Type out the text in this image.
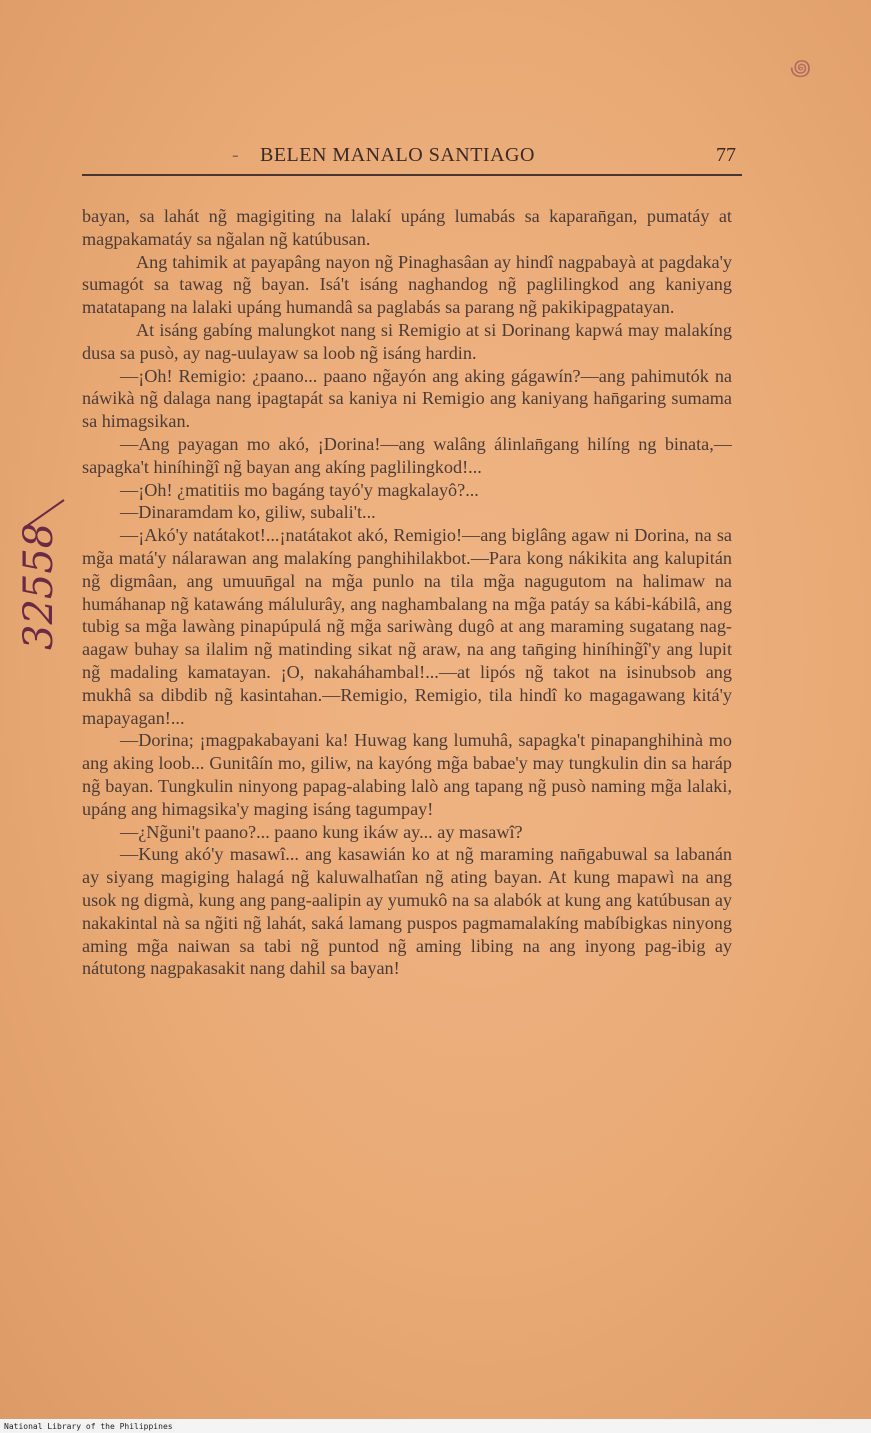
꩜
- BELEN MANALO SANTIAGO	77
32558

bayan, sa lahát ng̃ magigiting na lalakí upáng lumabás sa kaparan̄gan, pumatáy at magpakamatáy sa ng̃alan ng̃ katúbusan.

Ang tahimik at payapâng nayon ng̃ Pinaghasâan ay hindî nagpabayà at pagdaka'y sumagót sa tawag ng̃ bayan. Isá't isáng naghandog ng̃ paglilingkod ang kaniyang matatapang na lalaki upáng humandâ sa paglabás sa parang ng̃ pakikipagpatayan.

At isáng gabíng malungkot nang si Remigio at si Dorinang kapwá may malakíng dusa sa pusò, ay nag-uulayaw sa loob ng̃ isáng hardin.

—¡Oh! Remigio: ¿paano... paano ng̃ayón ang aking gágawín?—ang pahimutók na náwikà ng̃ dalaga nang ipagtapát sa kaniya ni Remigio ang kaniyang han̄garing sumama sa himagsikan.

—Ang payagan mo akó, ¡Dorina!—ang walâng álinlan̄gang hilíng ng binata,—sapagka't hiníhing̃î ng̃ bayan ang akíng paglilingkod!...

—¡Oh! ¿matitiis mo bagáng tayó'y magkalayô?...

—Dinaramdam ko, giliw, subali't...

—¡Akó'y natátakot!...¡natátakot akó, Remigio!—ang biglâng agaw ni Dorina, na sa mg̃a matá'y nálarawan ang malakíng panghihilakbot.—Para kong nákikita ang kalupitán ng̃ digmâan, ang umuun̄gal na mg̃a punlo na tila mg̃a nagugutom na halimaw na humáhanap ng̃ katawáng málulurây, ang naghambalang na mg̃a patáy sa kábi-kábilâ, ang tubig sa mg̃a lawàng pinapúpulá ng̃ mg̃a sariwàng dugô at ang maraming sugatang nag-aagaw buhay sa ilalim ng̃ matinding sikat ng̃ araw, na ang tan̄ging hiníhing̃î'y ang lupit ng̃ madaling kamatayan. ¡O, nakaháhambal!...—at lipós ng̃ takot na isinubsob ang mukhâ sa dibdib ng̃ kasintahan.—Remigio, Remigio, tila hindî ko magagawang kitá'y mapayagan!...

—Dorina; ¡magpakabayani ka! Huwag kang lumuhâ, sapagka't pinapanghihinà mo ang aking loob... Gunitâín mo, giliw, na kayóng mg̃a babae'y may tungkulin din sa haráp ng̃ bayan. Tungkulin ninyong papag-alabing lalò ang tapang ng̃ pusò naming mg̃a lalaki, upáng ang himagsika'y maging isáng tagumpay!

—¿Ng̃uni't paano?... paano kung ikáw ay... ay masawî?

—Kung akó'y masawî... ang kasawián ko at ng̃ maraming nan̄gabuwal sa labanán ay siyang magiging halagá ng̃ kaluwalhatîan ng̃ ating bayan. At kung mapawì na ang usok ng digmà, kung ang pang-aalipin ay yumukô na sa alabók at kung ang katúbusan ay nakakintal nà sa ng̃iti ng̃ lahát, saká lamang puspos pagmamalakíng mabíbigkas ninyong aming mg̃a naiwan sa tabi ng̃ puntod ng̃ aming libing na ang inyong pag-ibig ay nátutong nagpakasakit nang dahil sa bayan!

National Library of the Philippines
